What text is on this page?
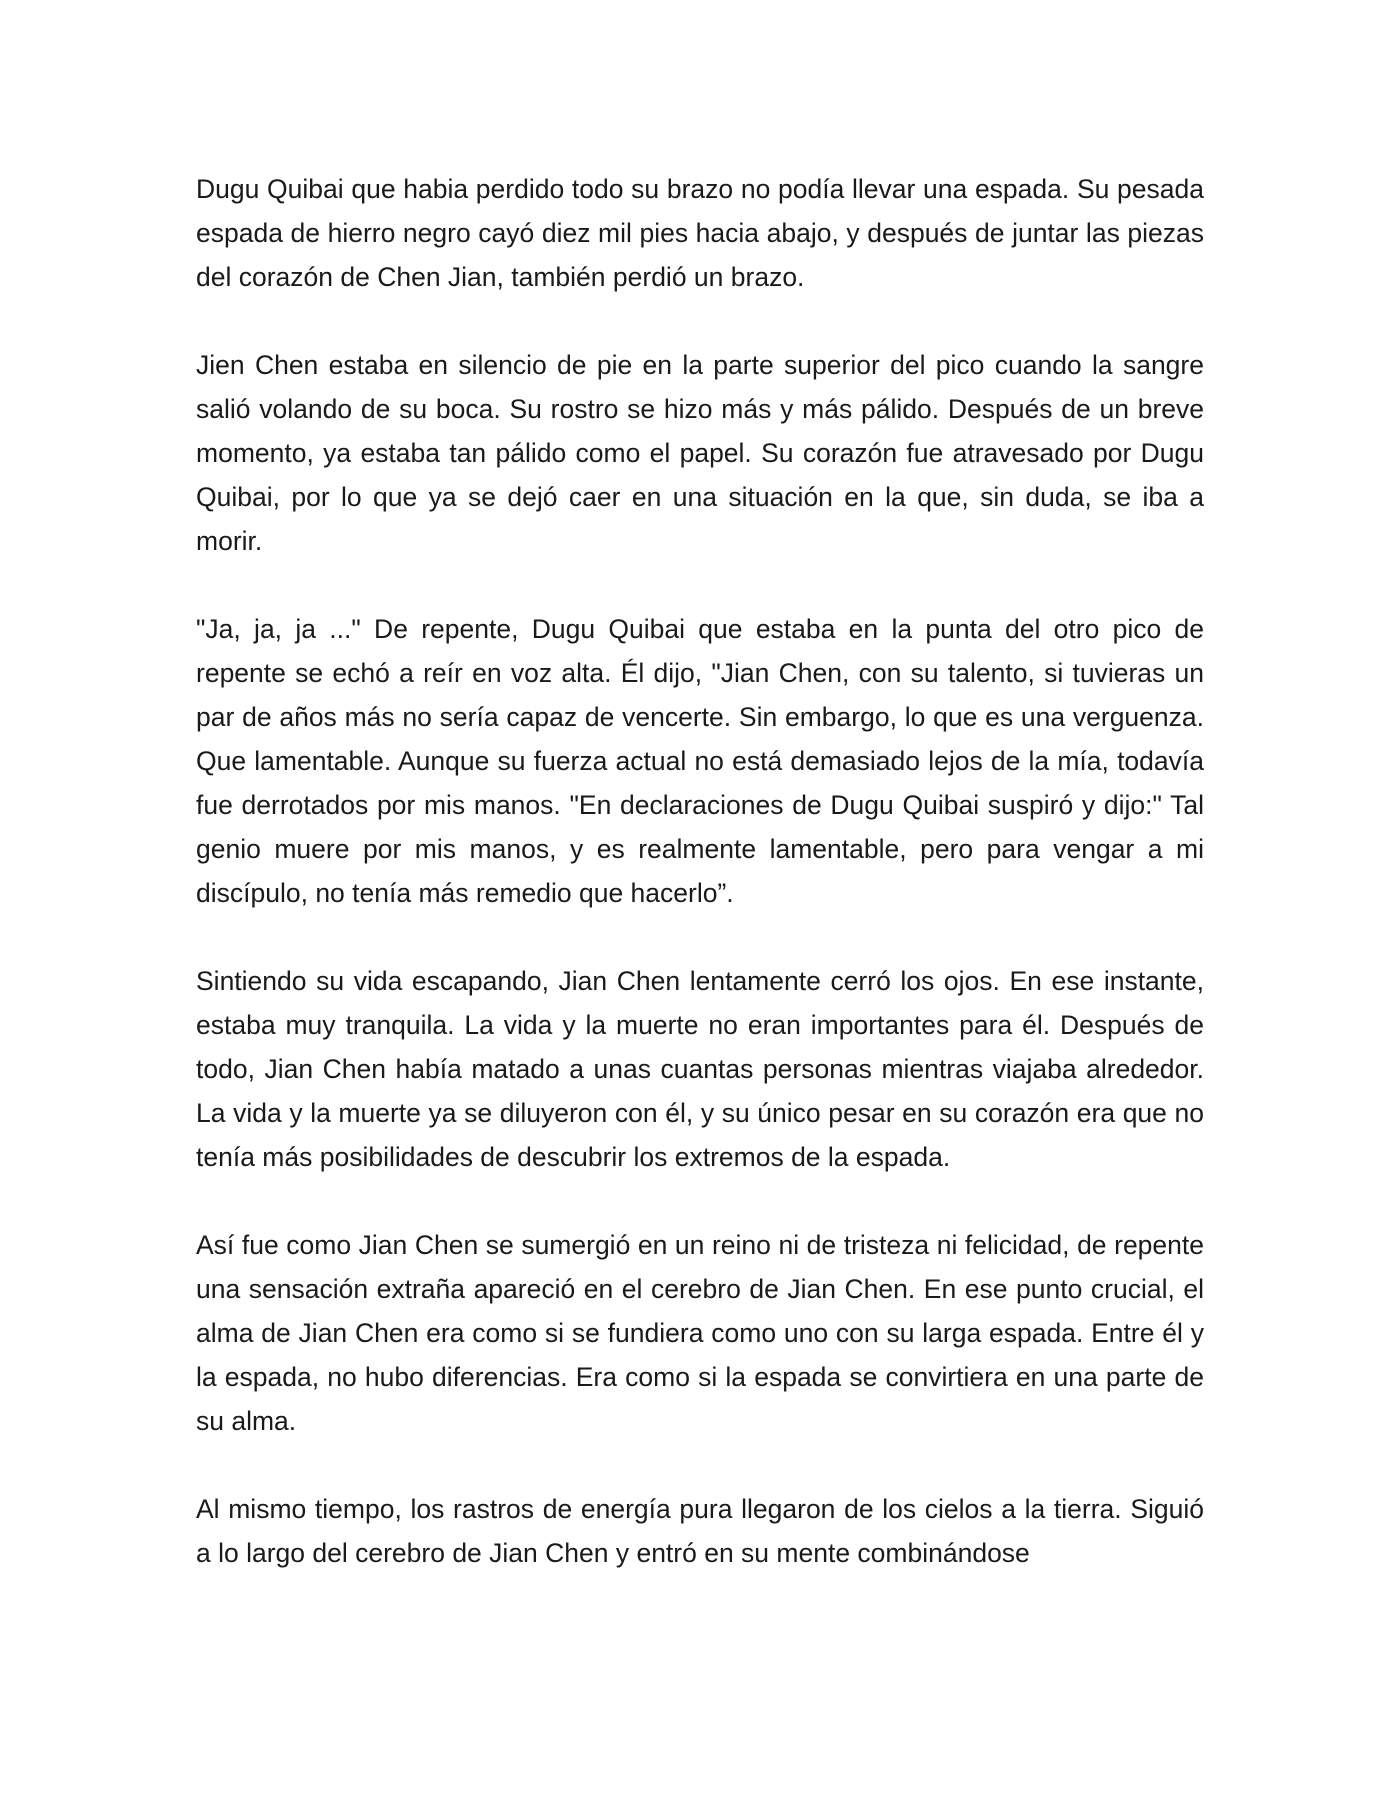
Dugu Quibai que habia perdido todo su brazo no podía llevar una espada. Su pesada espada de hierro negro cayó diez mil pies hacia abajo, y después de juntar las piezas del corazón de Chen Jian, también perdió un brazo.

Jien Chen estaba en silencio de pie en la parte superior del pico cuando la sangre salió volando de su boca. Su rostro se hizo más y más pálido. Después de un breve momento, ya estaba tan pálido como el papel. Su corazón fue atravesado por Dugu Quibai, por lo que ya se dejó caer en una situación en la que, sin duda, se iba a morir.

"Ja, ja, ja ..." De repente, Dugu Quibai que estaba en la punta del otro pico de repente se echó a reír en voz alta. Él dijo, "Jian Chen, con su talento, si tuvieras un par de años más no sería capaz de vencerte. Sin embargo, lo que es una verguenza. Que lamentable. Aunque su fuerza actual no está demasiado lejos de la mía, todavía fue derrotados por mis manos. "En declaraciones de Dugu Quibai suspiró y dijo:" Tal genio muere por mis manos, y es realmente lamentable, pero para vengar a mi discípulo, no tenía más remedio que hacerlo”.

Sintiendo su vida escapando, Jian Chen lentamente cerró los ojos. En ese instante, estaba muy tranquila. La vida y la muerte no eran importantes para él. Después de todo, Jian Chen había matado a unas cuantas personas mientras viajaba alrededor. La vida y la muerte ya se diluyeron con él, y su único pesar en su corazón era que no tenía más posibilidades de descubrir los extremos de la espada.

Así fue como Jian Chen se sumergió en un reino ni de tristeza ni felicidad, de repente una sensación extraña apareció en el cerebro de Jian Chen. En ese punto crucial, el alma de Jian Chen era como si se fundiera como uno con su larga espada. Entre él y la espada, no hubo diferencias. Era como si la espada se convirtiera en una parte de su alma.

Al mismo tiempo, los rastros de energía pura llegaron de los cielos a la tierra. Siguió a lo largo del cerebro de Jian Chen y entró en su mente combinándose
